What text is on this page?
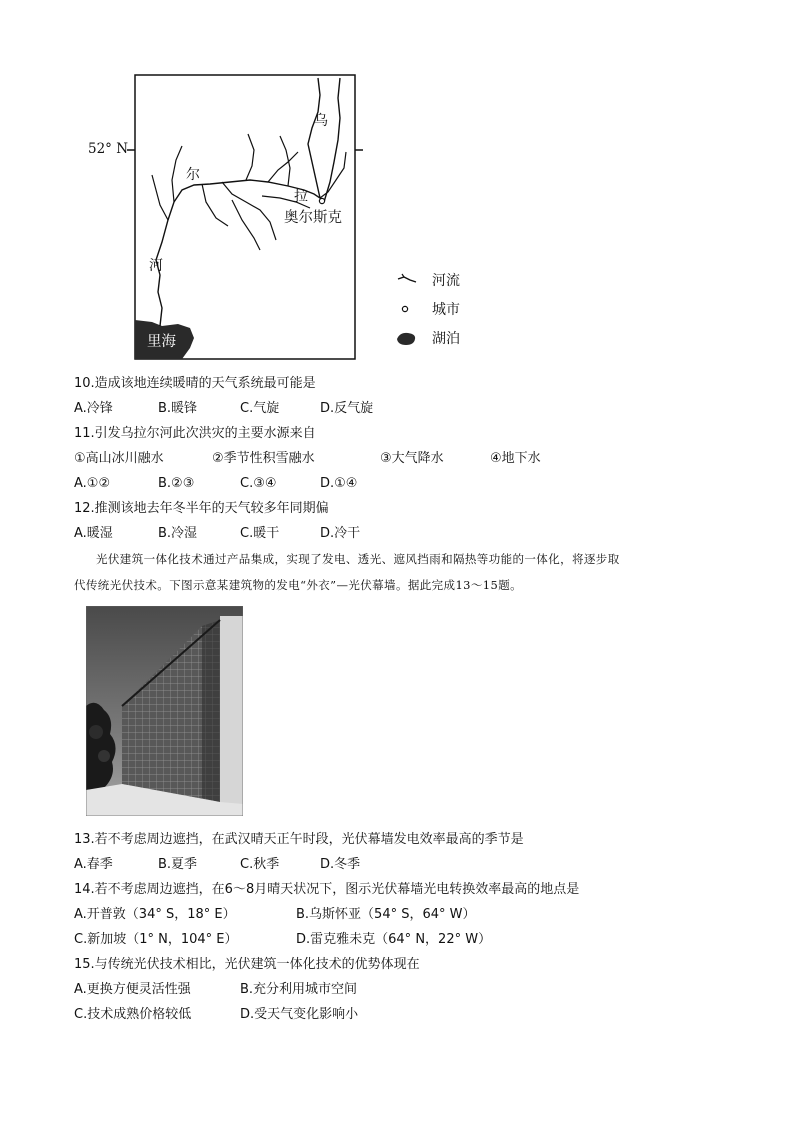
52° N
乌
尔
拉
奥尔斯克
河
里海
河流
城市
湖泊
10.造成该地连续暖晴的天气系统最可能是
A.冷锋	B.暖锋	C.气旋	D.反气旋
11.引发乌拉尔河此次洪灾的主要水源来自
①高山冰川融水	②季节性积雪融水	③大气降水	④地下水
A.①②	B.②③	C.③④	D.①④
12.推测该地去年冬半年的天气较多年同期偏
A.暖湿	B.冷湿	C.暖干	D.冷干
光伏建筑一体化技术通过产品集成，实现了发电、透光、遮风挡雨和隔热等功能的一体化，将逐步取
代传统光伏技术。下图示意某建筑物的发电“外衣”—光伏幕墙。据此完成13～15题。
13.若不考虑周边遮挡，在武汉晴天正午时段，光伏幕墙发电效率最高的季节是
A.春季	B.夏季	C.秋季	D.冬季
14.若不考虑周边遮挡，在6～8月晴天状况下，图示光伏幕墙光电转换效率最高的地点是
A.开普敦（34° S，18° E）	B.乌斯怀亚（54° S，64° W）
C.新加坡（1° N，104° E）	D.雷克雅未克（64° N，22° W）
15.与传统光伏技术相比，光伏建筑一体化技术的优势体现在
A.更换方便灵活性强	B.充分利用城市空间
C.技术成熟价格较低	D.受天气变化影响小
